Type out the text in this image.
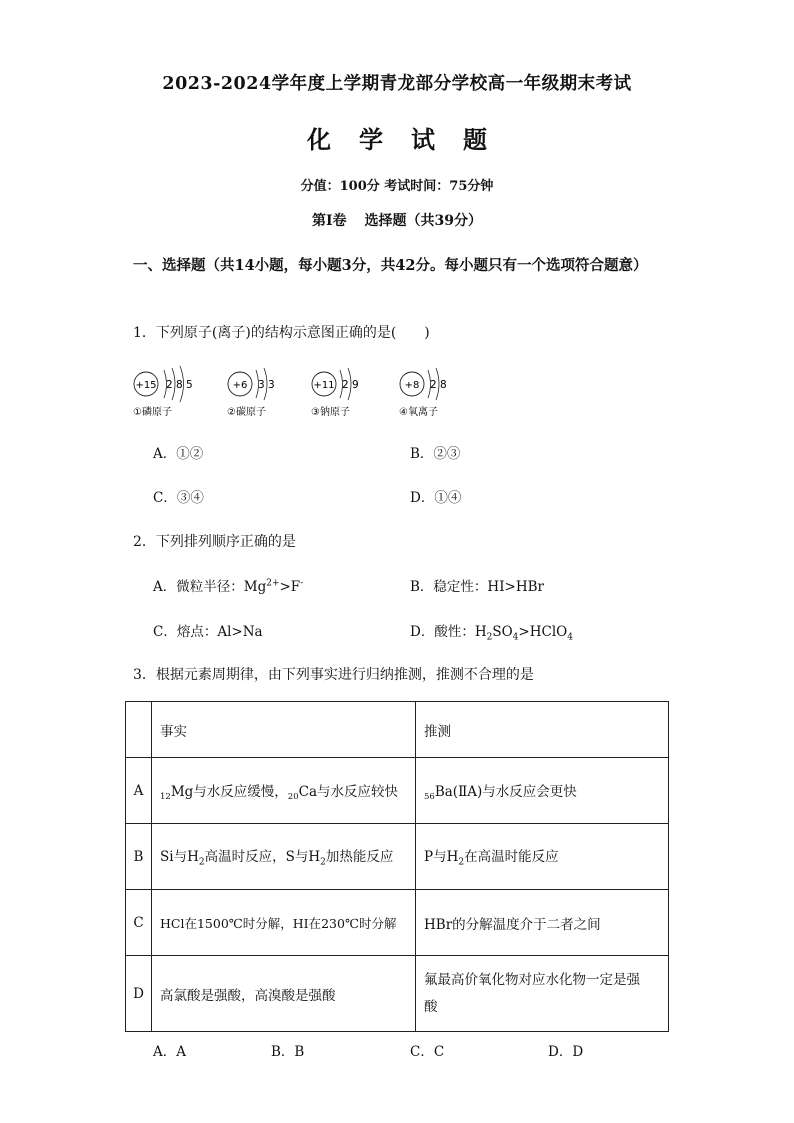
2023-2024学年度上学期青龙部分学校高一年级期末考试
化学试题
分值：100分 考试时间：75分钟
第Ⅰ卷 选择题（共39分）
一、选择题（共14小题，每小题3分，共42分。每小题只有一个选项符合题意）
1．下列原子(离子)的结构示意图正确的是(　　)
+15 2 8 5
①磷原子
+6 3 3
②碳原子
+11 2 9
③钠原子
+8 2 8
④氧离子
A．①②	B．②③
C．③④	D．①④
2．下列排列顺序正确的是
A．微粒半径：$Mg^{2+}>F^-$	B．稳定性：HI>HBr
C．熔点：Al>Na	D．酸性：$H_2SO_4>HClO_4$
3．根据元素周期律，由下列事实进行归纳推测，推测不合理的是
	事实	推测
A	$_{12}$Mg与水反应缓慢，$_{20}$Ca与水反应较快	$_{56}$Ba(ⅡA)与水反应会更快
B	Si与$H_2$高温时反应，S与$H_2$加热能反应	P与$H_2$在高温时能反应
C	HCl在1500℃时分解，HI在230℃时分解	HBr的分解温度介于二者之间
D	高氯酸是强酸，高溴酸是强酸	氟最高价氧化物对应水化物一定是强
酸
A．A	B．B	C．C	D．D
